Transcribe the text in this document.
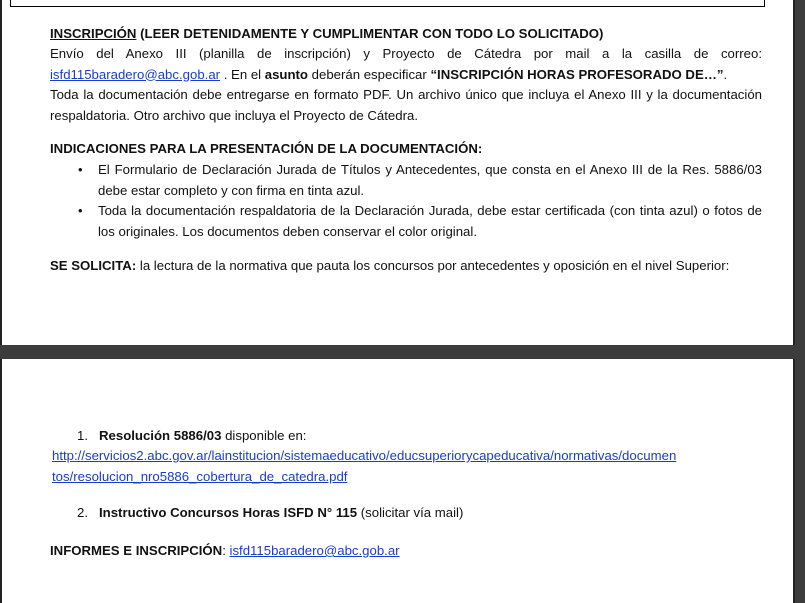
INSCRIPCIÓN (LEER DETENIDAMENTE Y CUMPLIMENTAR CON TODO LO SOLICITADO)
Envío del Anexo III (planilla de inscripción) y Proyecto de Cátedra por mail a la casilla de correo: isfd115baradero@abc.gob.ar . En el asunto deberán especificar “INSCRIPCIÓN HORAS PROFESORADO DE…”.
Toda la documentación debe entregarse en formato PDF. Un archivo único que incluya el Anexo III y la documentación respaldatoria. Otro archivo que incluya el Proyecto de Cátedra.
INDICACIONES PARA LA PRESENTACIÓN DE LA DOCUMENTACIÓN:
• El Formulario de Declaración Jurada de Títulos y Antecedentes, que consta en el Anexo III de la Res. 5886/03 debe estar completo y con firma en tinta azul.
• Toda la documentación respaldatoria de la Declaración Jurada, debe estar certificada (con tinta azul) o fotos de los originales. Los documentos deben conservar el color original.
SE SOLICITA: la lectura de la normativa que pauta los concursos por antecedentes y oposición en el nivel Superior:
1. Resolución 5886/03 disponible en:
http://servicios2.abc.gov.ar/lainstitucion/sistemaeducativo/educsuperiorycapeducativa/normativas/documen
tos/resolucion_nro5886_cobertura_de_catedra.pdf
2. Instructivo Concursos Horas ISFD N° 115 (solicitar vía mail)
INFORMES E INSCRIPCIÓN: isfd115baradero@abc.gob.ar
